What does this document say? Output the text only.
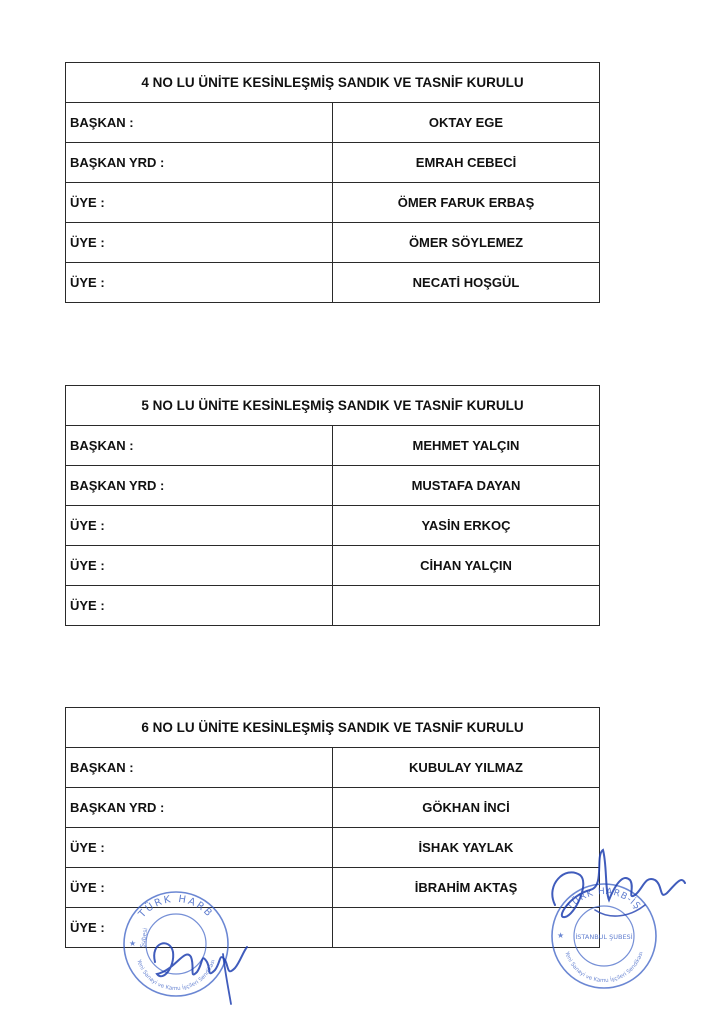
4 NO LU ÜNİTE KESİNLEŞMİŞ SANDIK VE TASNİF KURULU	
BAŞKAN :	OKTAY EGE
BAŞKAN YRD :	EMRAH CEBECİ
ÜYE :	ÖMER FARUK ERBAŞ
ÜYE :	ÖMER SÖYLEMEZ
ÜYE :	NECATİ HOŞGÜL
5 NO LU ÜNİTE KESİNLEŞMİŞ SANDIK VE TASNİF KURULU	
BAŞKAN :	MEHMET YALÇIN
BAŞKAN YRD :	MUSTAFA DAYAN
ÜYE :	YASİN ERKOÇ
ÜYE :	CİHAN YALÇIN
ÜYE :	
6 NO LU ÜNİTE KESİNLEŞMİŞ SANDIK VE TASNİF KURULU	
BAŞKAN :	KUBULAY YILMAZ
BAŞKAN YRD :	GÖKHAN İNCİ
ÜYE :	İSHAK YAYLAK
ÜYE :	İBRAHİM AKTAŞ
ÜYE :	
TÜRK HARB
Yeni Sanayi ve Kamu İşçileri Sendikası
Şubesi
★
TÜRK HARB-İŞ
İSTANBUL ŞUBESİ
Yeni Sanayi ve Kamu İşçileri Sendikası
★
